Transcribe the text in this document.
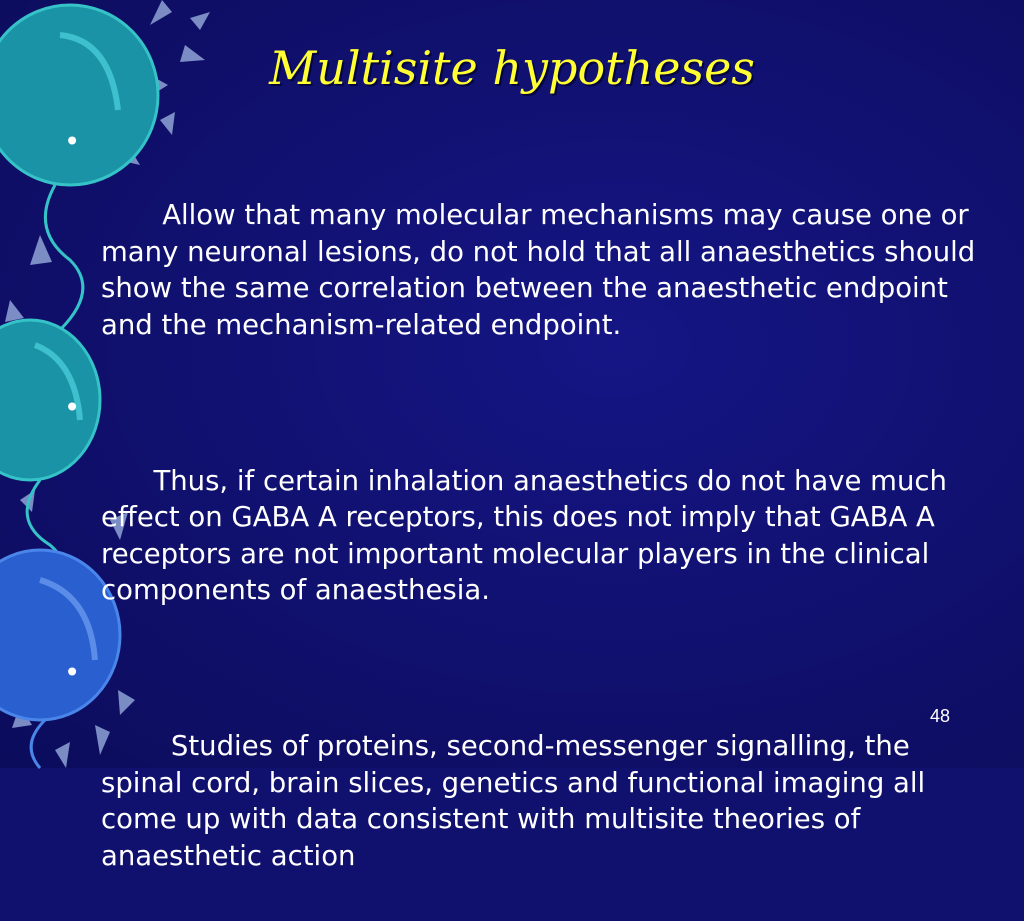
Multisite hypotheses

•

Allow that many molecular mechanisms may cause one or many neuronal lesions, do not hold that all anaesthetics should show the same correlation between the anaesthetic endpoint and the mechanism-related endpoint.

•

Thus, if certain inhalation anaesthetics do not have much effect on GABA A receptors, this does not imply that GABA A receptors are not important molecular players in the clinical components of anaesthesia.

•

Studies of proteins, second-messenger signalling, the spinal cord, brain slices, genetics and functional imaging all come up with data consistent with multisite theories of anaesthetic action

48
